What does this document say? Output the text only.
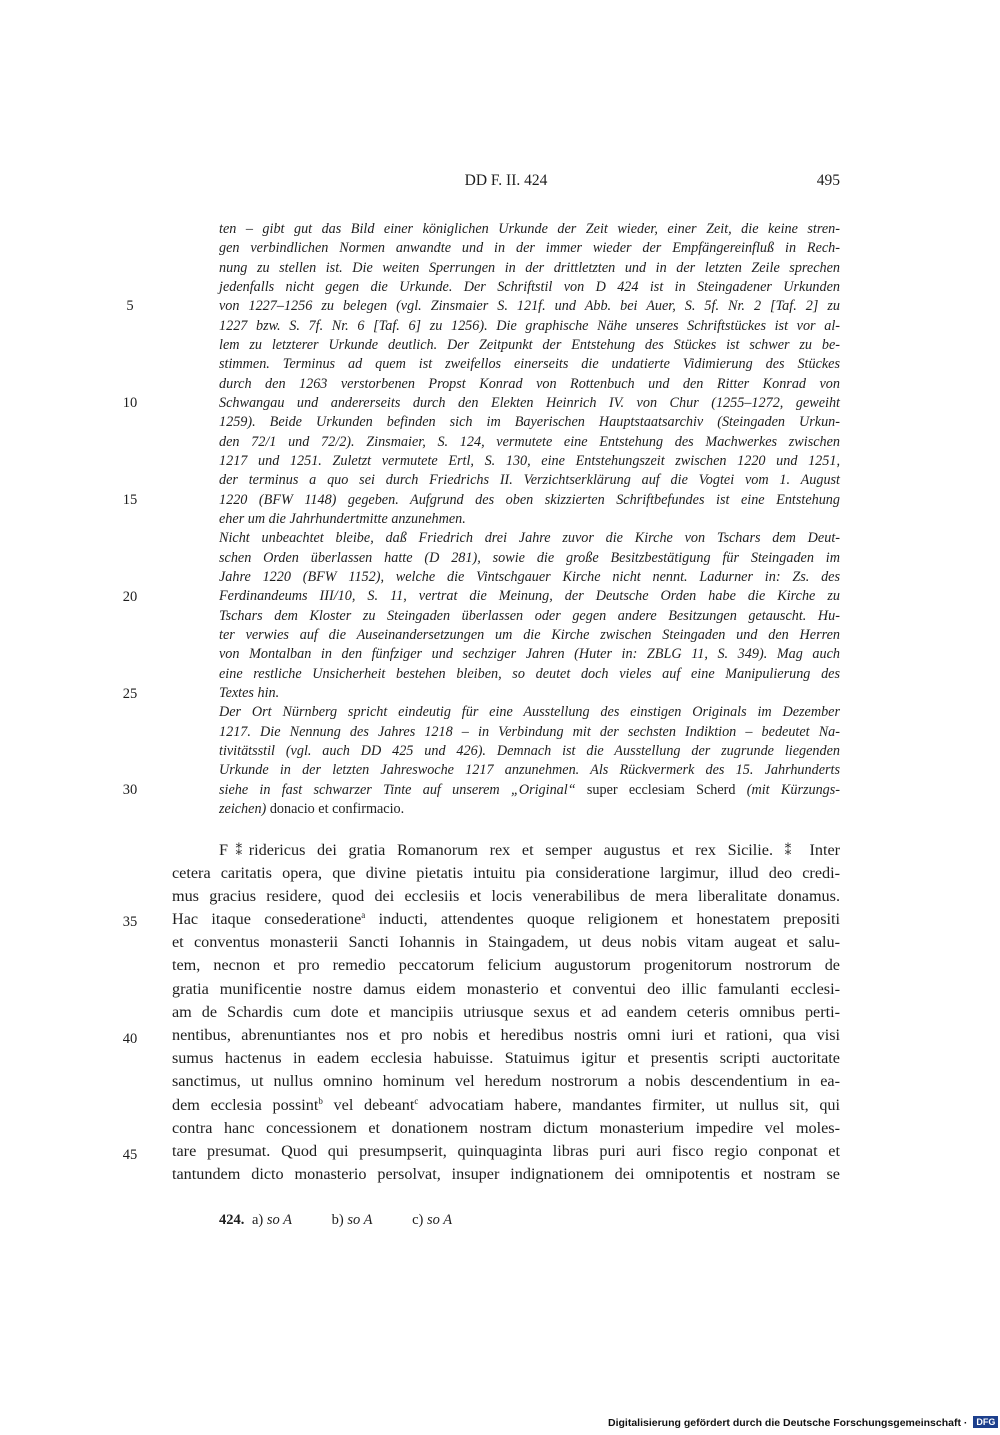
DD F. II. 424	495
ten – gibt gut das Bild einer königlichen Urkunde der Zeit wieder, einer Zeit, die keine stren-
gen verbindlichen Normen anwandte und in der immer wieder der Empfängereinfluß in Rech-
nung zu stellen ist. Die weiten Sperrungen in der drittletzten und in der letzten Zeile sprechen
jedenfalls nicht gegen die Urkunde. Der Schriftstil von D 424 ist in Steingadener Urkunden
von 1227–1256 zu belegen (vgl. Zinsmaier S. 121f. und Abb. bei Auer, S. 5f. Nr. 2 [Taf. 2] zu
1227 bzw. S. 7f. Nr. 6 [Taf. 6] zu 1256). Die graphische Nähe unseres Schriftstückes ist vor al-
lem zu letzterer Urkunde deutlich. Der Zeitpunkt der Entstehung des Stückes ist schwer zu be-
stimmen. Terminus ad quem ist zweifellos einerseits die undatierte Vidimierung des Stückes
durch den 1263 verstorbenen Propst Konrad von Rottenbuch und den Ritter Konrad von
Schwangau und andererseits durch den Elekten Heinrich IV. von Chur (1255–1272, geweiht
1259). Beide Urkunden befinden sich im Bayerischen Hauptstaatsarchiv (Steingaden Urkun-
den 72/1 und 72/2). Zinsmaier, S. 124, vermutete eine Entstehung des Machwerkes zwischen
1217 und 1251. Zuletzt vermutete Ertl, S. 130, eine Entstehungszeit zwischen 1220 und 1251,
der terminus a quo sei durch Friedrichs II. Verzichtserklärung auf die Vogtei vom 1. August
1220 (BFW 1148) gegeben. Aufgrund des oben skizzierten Schriftbefundes ist eine Entstehung
eher um die Jahrhundertmitte anzunehmen.
Nicht unbeachtet bleibe, daß Friedrich drei Jahre zuvor die Kirche von Tschars dem Deut-
schen Orden überlassen hatte (D 281), sowie die große Besitzbestätigung für Steingaden im
Jahre 1220 (BFW 1152), welche die Vintschgauer Kirche nicht nennt. Ladurner in: Zs. des
Ferdinandeums III/10, S. 11, vertrat die Meinung, der Deutsche Orden habe die Kirche zu
Tschars dem Kloster zu Steingaden überlassen oder gegen andere Besitzungen getauscht. Hu-
ter verwies auf die Auseinandersetzungen um die Kirche zwischen Steingaden und den Herren
von Montalban in den fünfziger und sechziger Jahren (Huter in: ZBLG 11, S. 349). Mag auch
eine restliche Unsicherheit bestehen bleiben, so deutet doch vieles auf eine Manipulierung des
Textes hin.
Der Ort Nürnberg spricht eindeutig für eine Ausstellung des einstigen Originals im Dezember
1217. Die Nennung des Jahres 1218 – in Verbindung mit der sechsten Indiktion – bedeutet Na-
tivitätsstil (vgl. auch DD 425 und 426). Demnach ist die Ausstellung der zugrunde liegenden
Urkunde in der letzten Jahreswoche 1217 anzunehmen. Als Rückvermerk des 15. Jahrhunderts
siehe in fast schwarzer Tinte auf unserem „Original“ super ecclesiam Scherd (mit Kürzungs-
zeichen) donacio et confirmacio.
F⁑ridericus dei gratia Romanorum rex et semper augustus et rex Sicilie. ⁑ Inter
cetera caritatis opera, que divine pietatis intuitu pia consideratione largimur, illud deo credi-
mus gracius residere, quod dei ecclesiis et locis venerabilibus de mera liberalitate donamus.
Hac itaque consederatione$^a$ inducti, attendentes quoque religionem et honestatem prepositi
et conventus monasterii Sancti Iohannis in Staingadem, ut deus nobis vitam augeat et salu-
tem, necnon et pro remedio peccatorum felicium augustorum progenitorum nostrorum de
gratia munificentie nostre damus eidem monasterio et conventui deo illic famulanti ecclesi-
am de Schardis cum dote et mancipiis utriusque sexus et ad eandem ceteris omnibus perti-
nentibus, abrenuntiantes nos et pro nobis et heredibus nostris omni iuri et rationi, qua visi
sumus hactenus in eadem ecclesia habuisse. Statuimus igitur et presentis scripti auctoritate
sanctimus, ut nullus omnino hominum vel heredum nostrorum a nobis descendentium in ea-
dem ecclesia possint$^b$ vel debeant$^c$ advocatiam habere, mandantes firmiter, ut nullus sit, qui
contra hanc concessionem et donationem nostram dictum monasterium impedire vel moles-
tare presumat. Quod qui presumpserit, quinquaginta libras puri auri fisco regio conponat et
tantundem dicto monasterio persolvat, insuper indignationem dei omnipotentis et nostram se
5
10
15
20
25
30
35
40
45
424. a) so A	b) so A	c) so A
Digitalisierung gefördert durch die Deutsche Forschungsgemeinschaft · DFG
